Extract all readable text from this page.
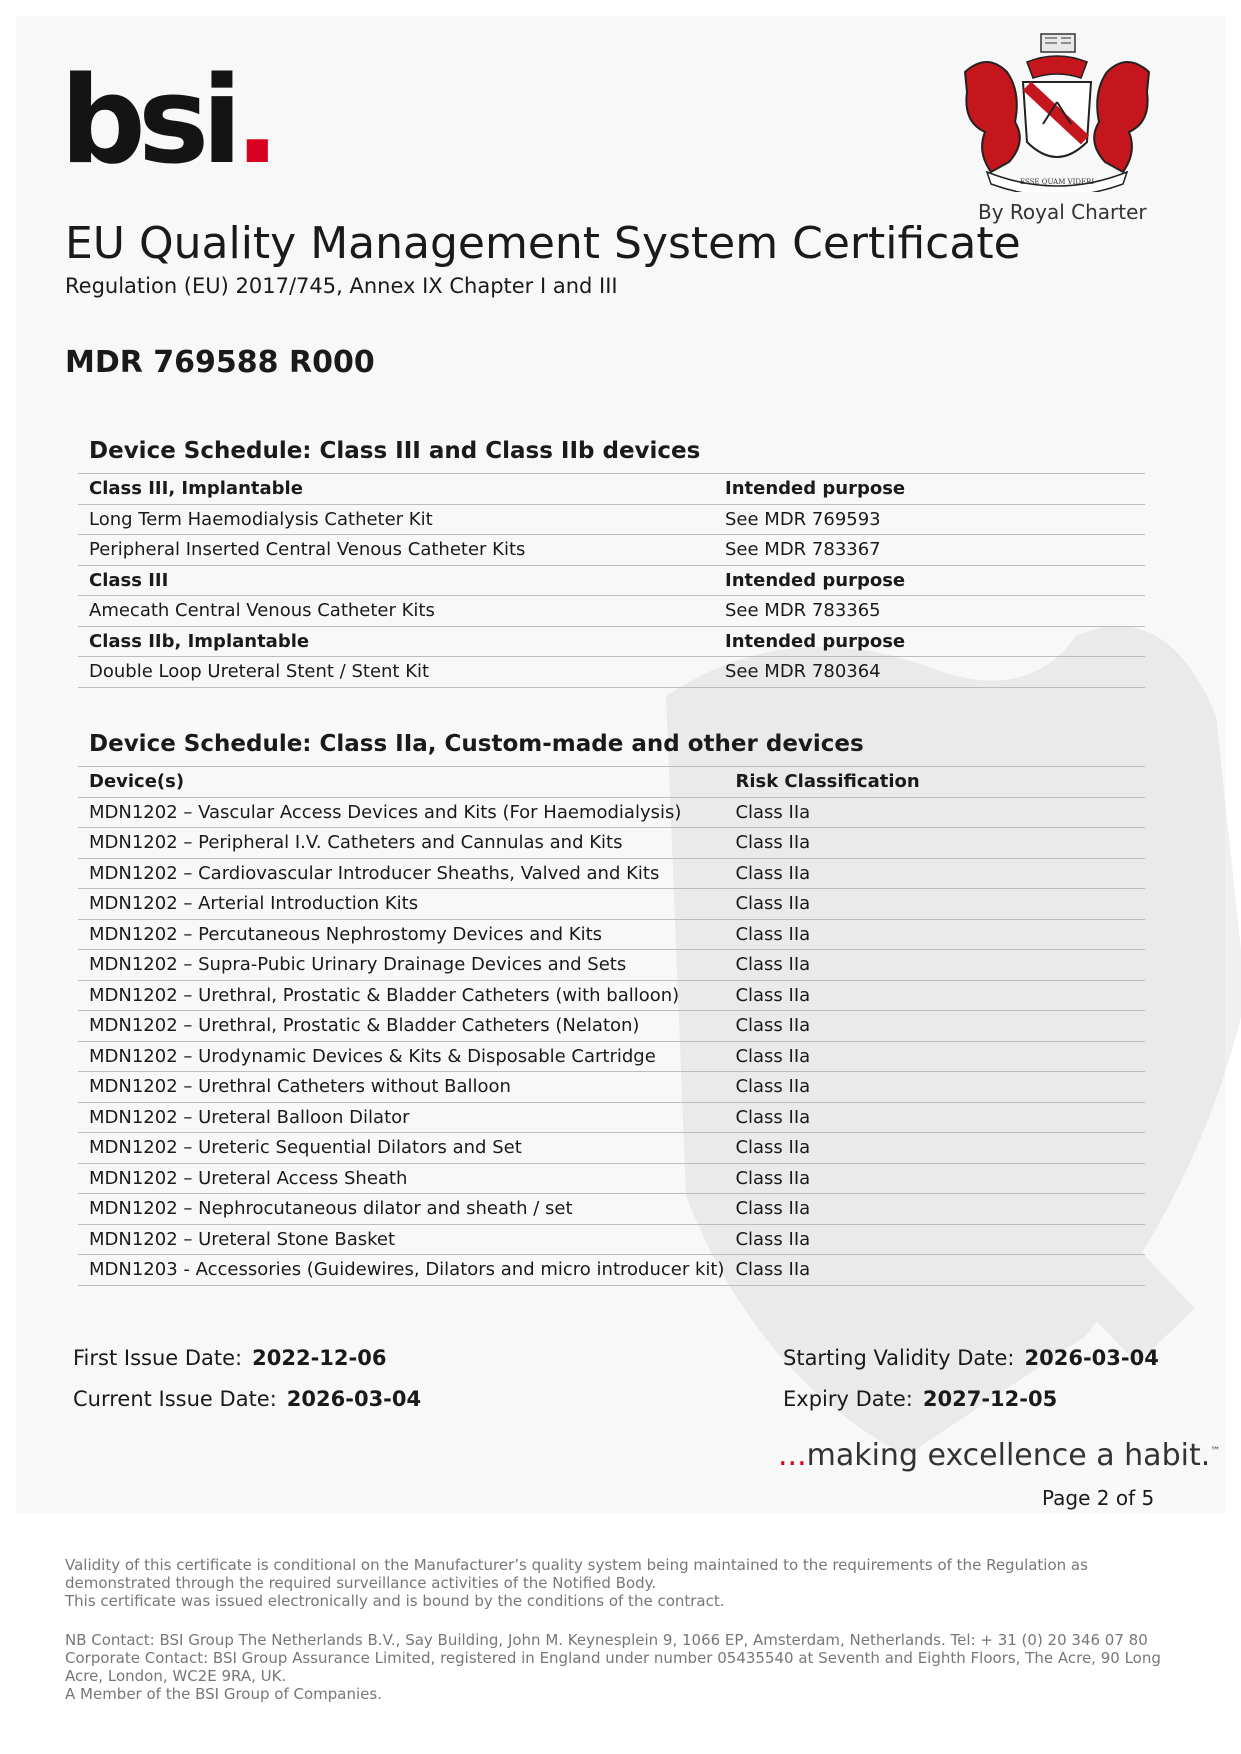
bsi.	ESSE QUAM VIDERI
By Royal Charter
EU Quality Management System Certificate
Regulation (EU) 2017/745, Annex IX Chapter I and III
MDR 769588 R000
Device Schedule: Class III and Class IIb devices
Class III, Implantable	Intended purpose
Long Term Haemodialysis Catheter Kit	See MDR 769593
Peripheral Inserted Central Venous Catheter Kits	See MDR 783367
Class III	Intended purpose
Amecath Central Venous Catheter Kits	See MDR 783365
Class IIb, Implantable	Intended purpose
Double Loop Ureteral Stent / Stent Kit	See MDR 780364
Device Schedule: Class IIa, Custom-made and other devices
Device(s)	Risk Classification
MDN1202 – Vascular Access Devices and Kits (For Haemodialysis)	Class IIa
MDN1202 – Peripheral I.V. Catheters and Cannulas and Kits	Class IIa
MDN1202 – Cardiovascular Introducer Sheaths, Valved and Kits	Class IIa
MDN1202 – Arterial Introduction Kits	Class IIa
MDN1202 – Percutaneous Nephrostomy Devices and Kits	Class IIa
MDN1202 – Supra-Pubic Urinary Drainage Devices and Sets	Class IIa
MDN1202 – Urethral, Prostatic & Bladder Catheters (with balloon)	Class IIa
MDN1202 – Urethral, Prostatic & Bladder Catheters (Nelaton)	Class IIa
MDN1202 – Urodynamic Devices & Kits & Disposable Cartridge	Class IIa
MDN1202 – Urethral Catheters without Balloon	Class IIa
MDN1202 – Ureteral Balloon Dilator	Class IIa
MDN1202 – Ureteric Sequential Dilators and Set	Class IIa
MDN1202 – Ureteral Access Sheath	Class IIa
MDN1202 – Nephrocutaneous dilator and sheath / set	Class IIa
MDN1202 – Ureteral Stone Basket	Class IIa
MDN1203 - Accessories (Guidewires, Dilators and micro introducer kit)	Class IIa
First Issue Date: 2022-12-06
Current Issue Date: 2026-03-04
Starting Validity Date: 2026-03-04
Expiry Date: 2027-12-05
...making excellence a habit.™
Page 2 of 5
Validity of this certificate is conditional on the Manufacturer’s quality system being maintained to the requirements of the Regulation as demonstrated through the required surveillance activities of the Notified Body.
This certificate was issued electronically and is bound by the conditions of the contract.
NB Contact: BSI Group The Netherlands B.V., Say Building, John M. Keynesplein 9, 1066 EP, Amsterdam, Netherlands. Tel: + 31 (0) 20 346 07 80
Corporate Contact: BSI Group Assurance Limited, registered in England under number 05435540 at Seventh and Eighth Floors, The Acre, 90 Long Acre, London, WC2E 9RA, UK.
A Member of the BSI Group of Companies.
